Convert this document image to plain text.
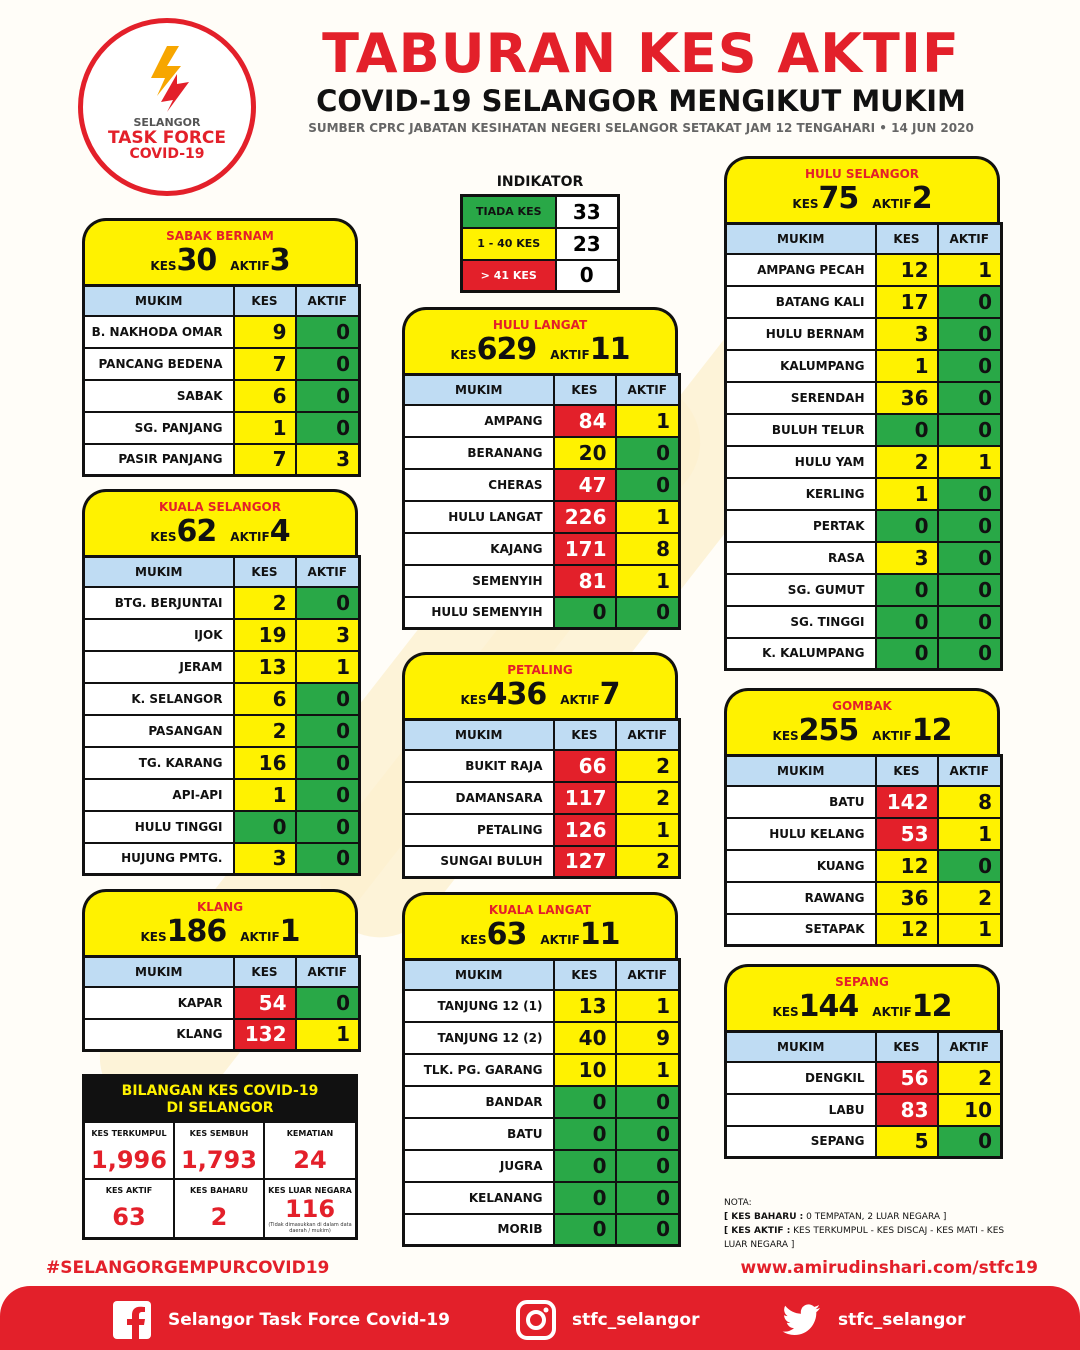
SELANGOR
TASK FORCE
COVID-19
TABURAN KES AKTIF
COVID-19 SELANGOR MENGIKUT MUKIM
SUMBER CPRC JABATAN KESIHATAN NEGERI SELANGOR SETAKAT JAM 12 TENGAHARI • 14 JUN 2020
INDIKATOR
TIADA KES	33
1 - 40 KES	23
> 41 KES	0
SABAK BERNAM
KES30 AKTIF3
MUKIM	KES	AKTIF
B. NAKHODA OMAR	9	0
PANCANG BEDENA	7	0
SABAK	6	0
SG. PANJANG	1	0
PASIR PANJANG	7	3
KUALA SELANGOR
KES62 AKTIF4
MUKIM	KES	AKTIF
BTG. BERJUNTAI	2	0
IJOK	19	3
JERAM	13	1
K. SELANGOR	6	0
PASANGAN	2	0
TG. KARANG	16	0
API-API	1	0
HULU TINGGI	0	0
HUJUNG PMTG.	3	0
KLANG
KES186 AKTIF1
MUKIM	KES	AKTIF
KAPAR	54	0
KLANG	132	1
HULU LANGAT
KES629 AKTIF11
MUKIM	KES	AKTIF
AMPANG	84	1
BERANANG	20	0
CHERAS	47	0
HULU LANGAT	226	1
KAJANG	171	8
SEMENYIH	81	1
HULU SEMENYIH	0	0
PETALING
KES436 AKTIF7
MUKIM	KES	AKTIF
BUKIT RAJA	66	2
DAMANSARA	117	2
PETALING	126	1
SUNGAI BULUH	127	2
KUALA LANGAT
KES63 AKTIF11
MUKIM	KES	AKTIF
TANJUNG 12 (1)	13	1
TANJUNG 12 (2)	40	9
TLK. PG. GARANG	10	1
BANDAR	0	0
BATU	0	0
JUGRA	0	0
KELANANG	0	0
MORIB	0	0
HULU SELANGOR
KES75 AKTIF2
MUKIM	KES	AKTIF
AMPANG PECAH	12	1
BATANG KALI	17	0
HULU BERNAM	3	0
KALUMPANG	1	0
SERENDAH	36	0
BULUH TELUR	0	0
HULU YAM	2	1
KERLING	1	0
PERTAK	0	0
RASA	3	0
SG. GUMUT	0	0
SG. TINGGI	0	0
K. KALUMPANG	0	0
GOMBAK
KES255 AKTIF12
MUKIM	KES	AKTIF
BATU	142	8
HULU KELANG	53	1
KUANG	12	0
RAWANG	36	2
SETAPAK	12	1
SEPANG
KES144 AKTIF12
MUKIM	KES	AKTIF
DENGKIL	56	2
LABU	83	10
SEPANG	5	0
BILANGAN KES COVID-19
DI SELANGOR
KES TERKUMPUL
1,996
KES SEMBUH
1,793
KEMATIAN
24
KES AKTIF
63
KES BAHARU
2
KES LUAR NEGARA
116
(Tidak dimasukkan di dalam data daerah / mukim)
NOTA:
[ KES BAHARU : 0 TEMPATAN, 2 LUAR NEGARA ]
[ KES AKTIF : KES TERKUMPUL - KES DISCAJ - KES MATI - KES LUAR NEGARA ]
#SELANGORGEMPURCOVID19	www.amirudinshari.com/stfc19
Selangor Task Force Covid-19	stfc_selangor	stfc_selangor
